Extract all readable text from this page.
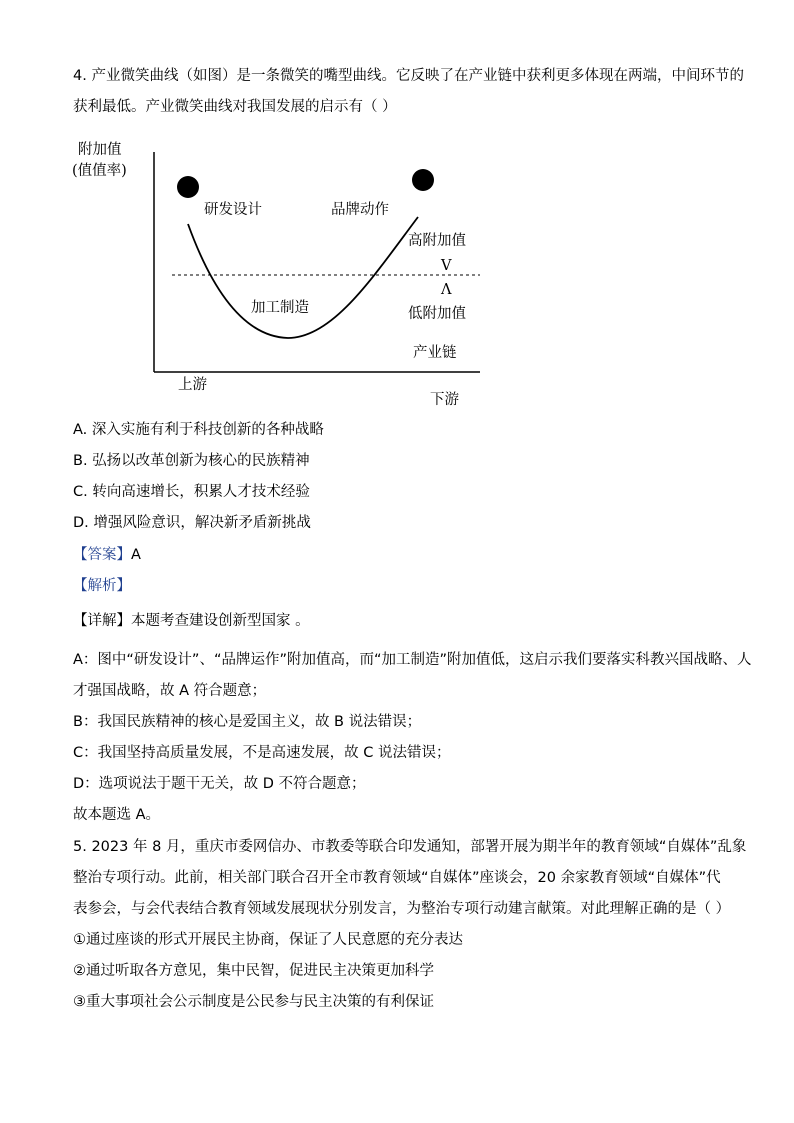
4. 产业微笑曲线（如图）是一条微笑的嘴型曲线。它反映了在产业链中获利更多体现在两端，中间环节的
获利最低。产业微笑曲线对我国发展的启示有（ ）
附加值
(值值率)
研发设计	品牌动作
高附加值
V
Λ
低附加值
加工制造
产业链
上游
下游
A. 深入实施有利于科技创新的各种战略
B. 弘扬以改革创新为核心的民族精神
C. 转向高速增长，积累人才技术经验
D. 增强风险意识，解决新矛盾新挑战
【答案】A
【解析】
【详解】本题考查建设创新型国家 。
A：图中“研发设计”、“品牌运作”附加值高，而“加工制造”附加值低，这启示我们要落实科教兴国战略、人
才强国战略，故 A 符合题意；
B：我国民族精神的核心是爱国主义，故 B 说法错误；
C：我国坚持高质量发展，不是高速发展，故 C 说法错误；
D：选项说法于题干无关，故 D 不符合题意；
故本题选 A。
5. 2023 年 8 月，重庆市委网信办、市教委等联合印发通知，部署开展为期半年的教育领域“自媒体”乱象
整治专项行动。此前，相关部门联合召开全市教育领域“自媒体”座谈会，20 余家教育领域“自媒体”代
表参会，与会代表结合教育领域发展现状分别发言，为整治专项行动建言献策。对此理解正确的是（ ）
①通过座谈的形式开展民主协商，保证了人民意愿的充分表达
②通过听取各方意见，集中民智，促进民主决策更加科学
③重大事项社会公示制度是公民参与民主决策的有利保证
